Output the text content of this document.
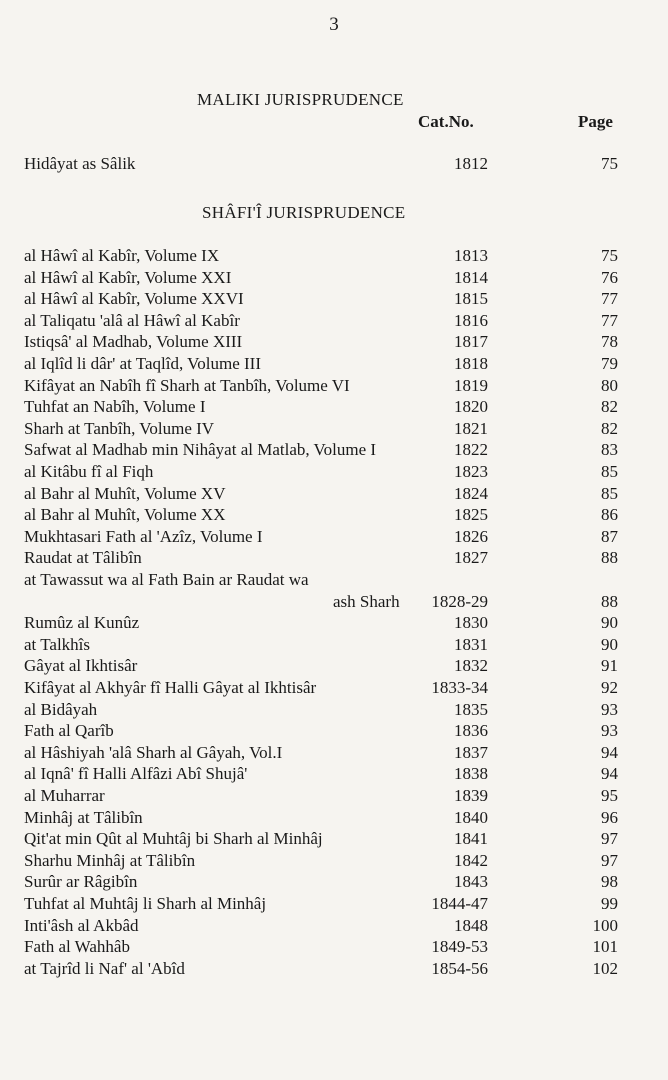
3
MALIKI JURISPRUDENCE
Cat.No.	Page
Hidâyat as Sâlik	1812	75
SHÂFI'Î JURISPRUDENCE
al Hâwî al Kabîr, Volume IX	1813	75
al Hâwî al Kabîr, Volume XXI	1814	76
al Hâwî al Kabîr, Volume XXVI	1815	77
al Taliqatu 'alâ al Hâwî al Kabîr	1816	77
Istiqsâ' al Madhab, Volume XIII	1817	78
al Iqlîd li dâr' at Taqlîd, Volume III	1818	79
Kifâyat an Nabîh fî Sharh at Tanbîh, Volume VI	1819	80
Tuhfat an Nabîh, Volume I	1820	82
Sharh at Tanbîh, Volume IV	1821	82
Safwat al Madhab min Nihâyat al Matlab, Volume I	1822	83
al Kitâbu fî al Fiqh	1823	85
al Bahr al Muhît, Volume XV	1824	85
al Bahr al Muhît, Volume XX	1825	86
Mukhtasari Fath al 'Azîz, Volume I	1826	87
Raudat at Tâlibîn	1827	88
at Tawassut wa al Fath Bain ar Raudat wa
ash Sharh 1828-29	88
Rumûz al Kunûz	1830	90
at Talkhîs	1831	90
Gâyat al Ikhtisâr	1832	91
Kifâyat al Akhyâr fî Halli Gâyat al Ikhtisâr	1833-34	92
al Bidâyah	1835	93
Fath al Qarîb	1836	93
al Hâshiyah 'alâ Sharh al Gâyah, Vol.I	1837	94
al Iqnâ' fî Halli Alfâzi Abî Shujâ'	1838	94
al Muharrar	1839	95
Minhâj at Tâlibîn	1840	96
Qit'at min Qût al Muhtâj bi Sharh al Minhâj	1841	97
Sharhu Minhâj at Tâlibîn	1842	97
Surûr ar Râgibîn	1843	98
Tuhfat al Muhtâj li Sharh al Minhâj	1844-47	99
Inti'âsh al Akbâd	1848	100
Fath al Wahhâb	1849-53	101
at Tajrîd li Naf' al 'Abîd	1854-56	102
